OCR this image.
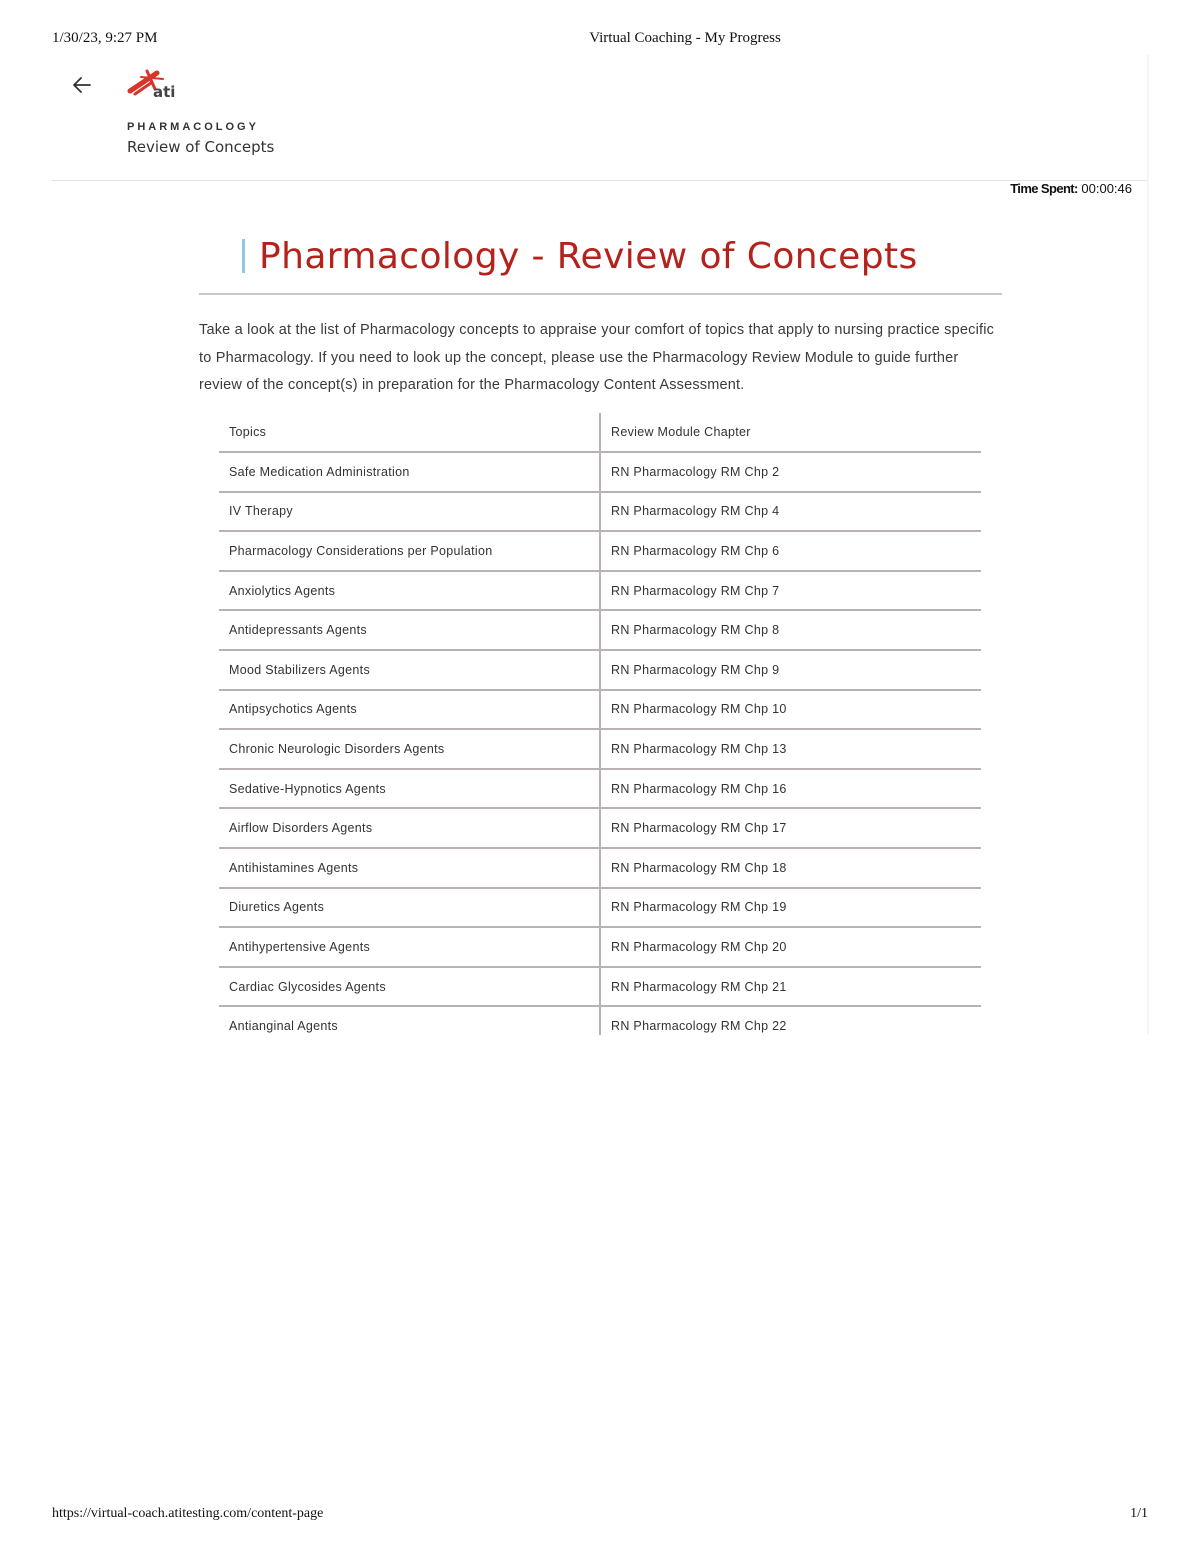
1/30/23, 9:27 PM	Virtual Coaching - My Progress
ati
PHARMACOLOGY
Review of Concepts
Time Spent: 00:00:46
Pharmacology - Review of Concepts
Take a look at the list of Pharmacology concepts to appraise your comfort of topics that apply to nursing practice specific to Pharmacology. If you need to look up the concept, please use the Pharmacology Review Module to guide further review of the concept(s) in preparation for the Pharmacology Content Assessment.
Topics	Review Module Chapter
Safe Medication Administration	RN Pharmacology RM Chp 2
IV Therapy	RN Pharmacology RM Chp 4
Pharmacology Considerations per Population	RN Pharmacology RM Chp 6
Anxiolytics Agents	RN Pharmacology RM Chp 7
Antidepressants Agents	RN Pharmacology RM Chp 8
Mood Stabilizers Agents	RN Pharmacology RM Chp 9
Antipsychotics Agents	RN Pharmacology RM Chp 10
Chronic Neurologic Disorders Agents	RN Pharmacology RM Chp 13
Sedative-Hypnotics Agents	RN Pharmacology RM Chp 16
Airflow Disorders Agents	RN Pharmacology RM Chp 17
Antihistamines Agents	RN Pharmacology RM Chp 18
Diuretics Agents	RN Pharmacology RM Chp 19
Antihypertensive Agents	RN Pharmacology RM Chp 20
Cardiac Glycosides Agents	RN Pharmacology RM Chp 21
Antianginal Agents	RN Pharmacology RM Chp 22
https://virtual-coach.atitesting.com/content-page	1/1
